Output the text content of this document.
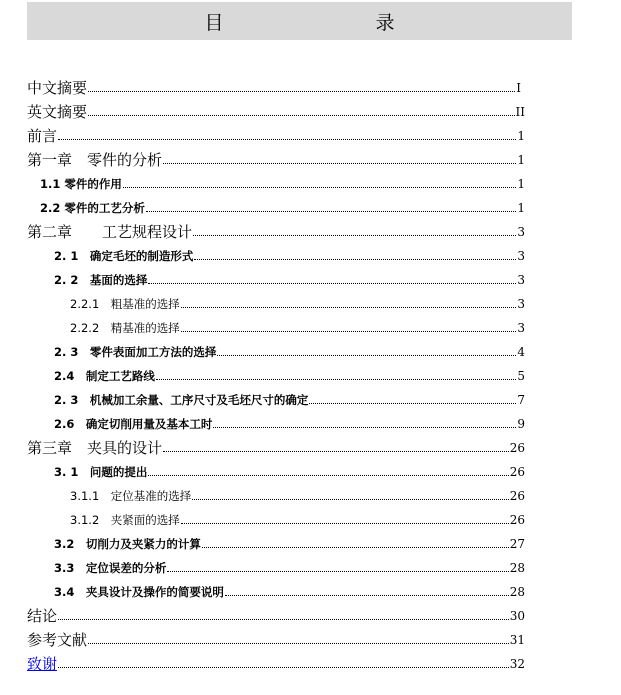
目　　录
中文摘要	I
英文摘要	II
前言	1
第一章　零件的分析	1
1.1 零件的作用	1
2.2 零件的工艺分析	1
第二章　　工艺规程设计	3
2. 1　确定毛坯的制造形式	3
2. 2　基面的选择	3
2.2.1　粗基准的选择	3
2.2.2　精基准的选择	3
2. 3　零件表面加工方法的选择	4
2.4　制定工艺路线	5
2. 3　机械加工余量、工序尺寸及毛坯尺寸的确定	7
2.6　确定切削用量及基本工时	9
第三章　夹具的设计	26
3. 1　问题的提出	26
3.1.1　定位基准的选择	26
3.1.2　夹紧面的选择	26
3.2　切削力及夹紧力的计算	27
3.3　定位误差的分析	28
3.4　夹具设计及操作的简要说明	28
结论	30
参考文献	31
致谢	32
